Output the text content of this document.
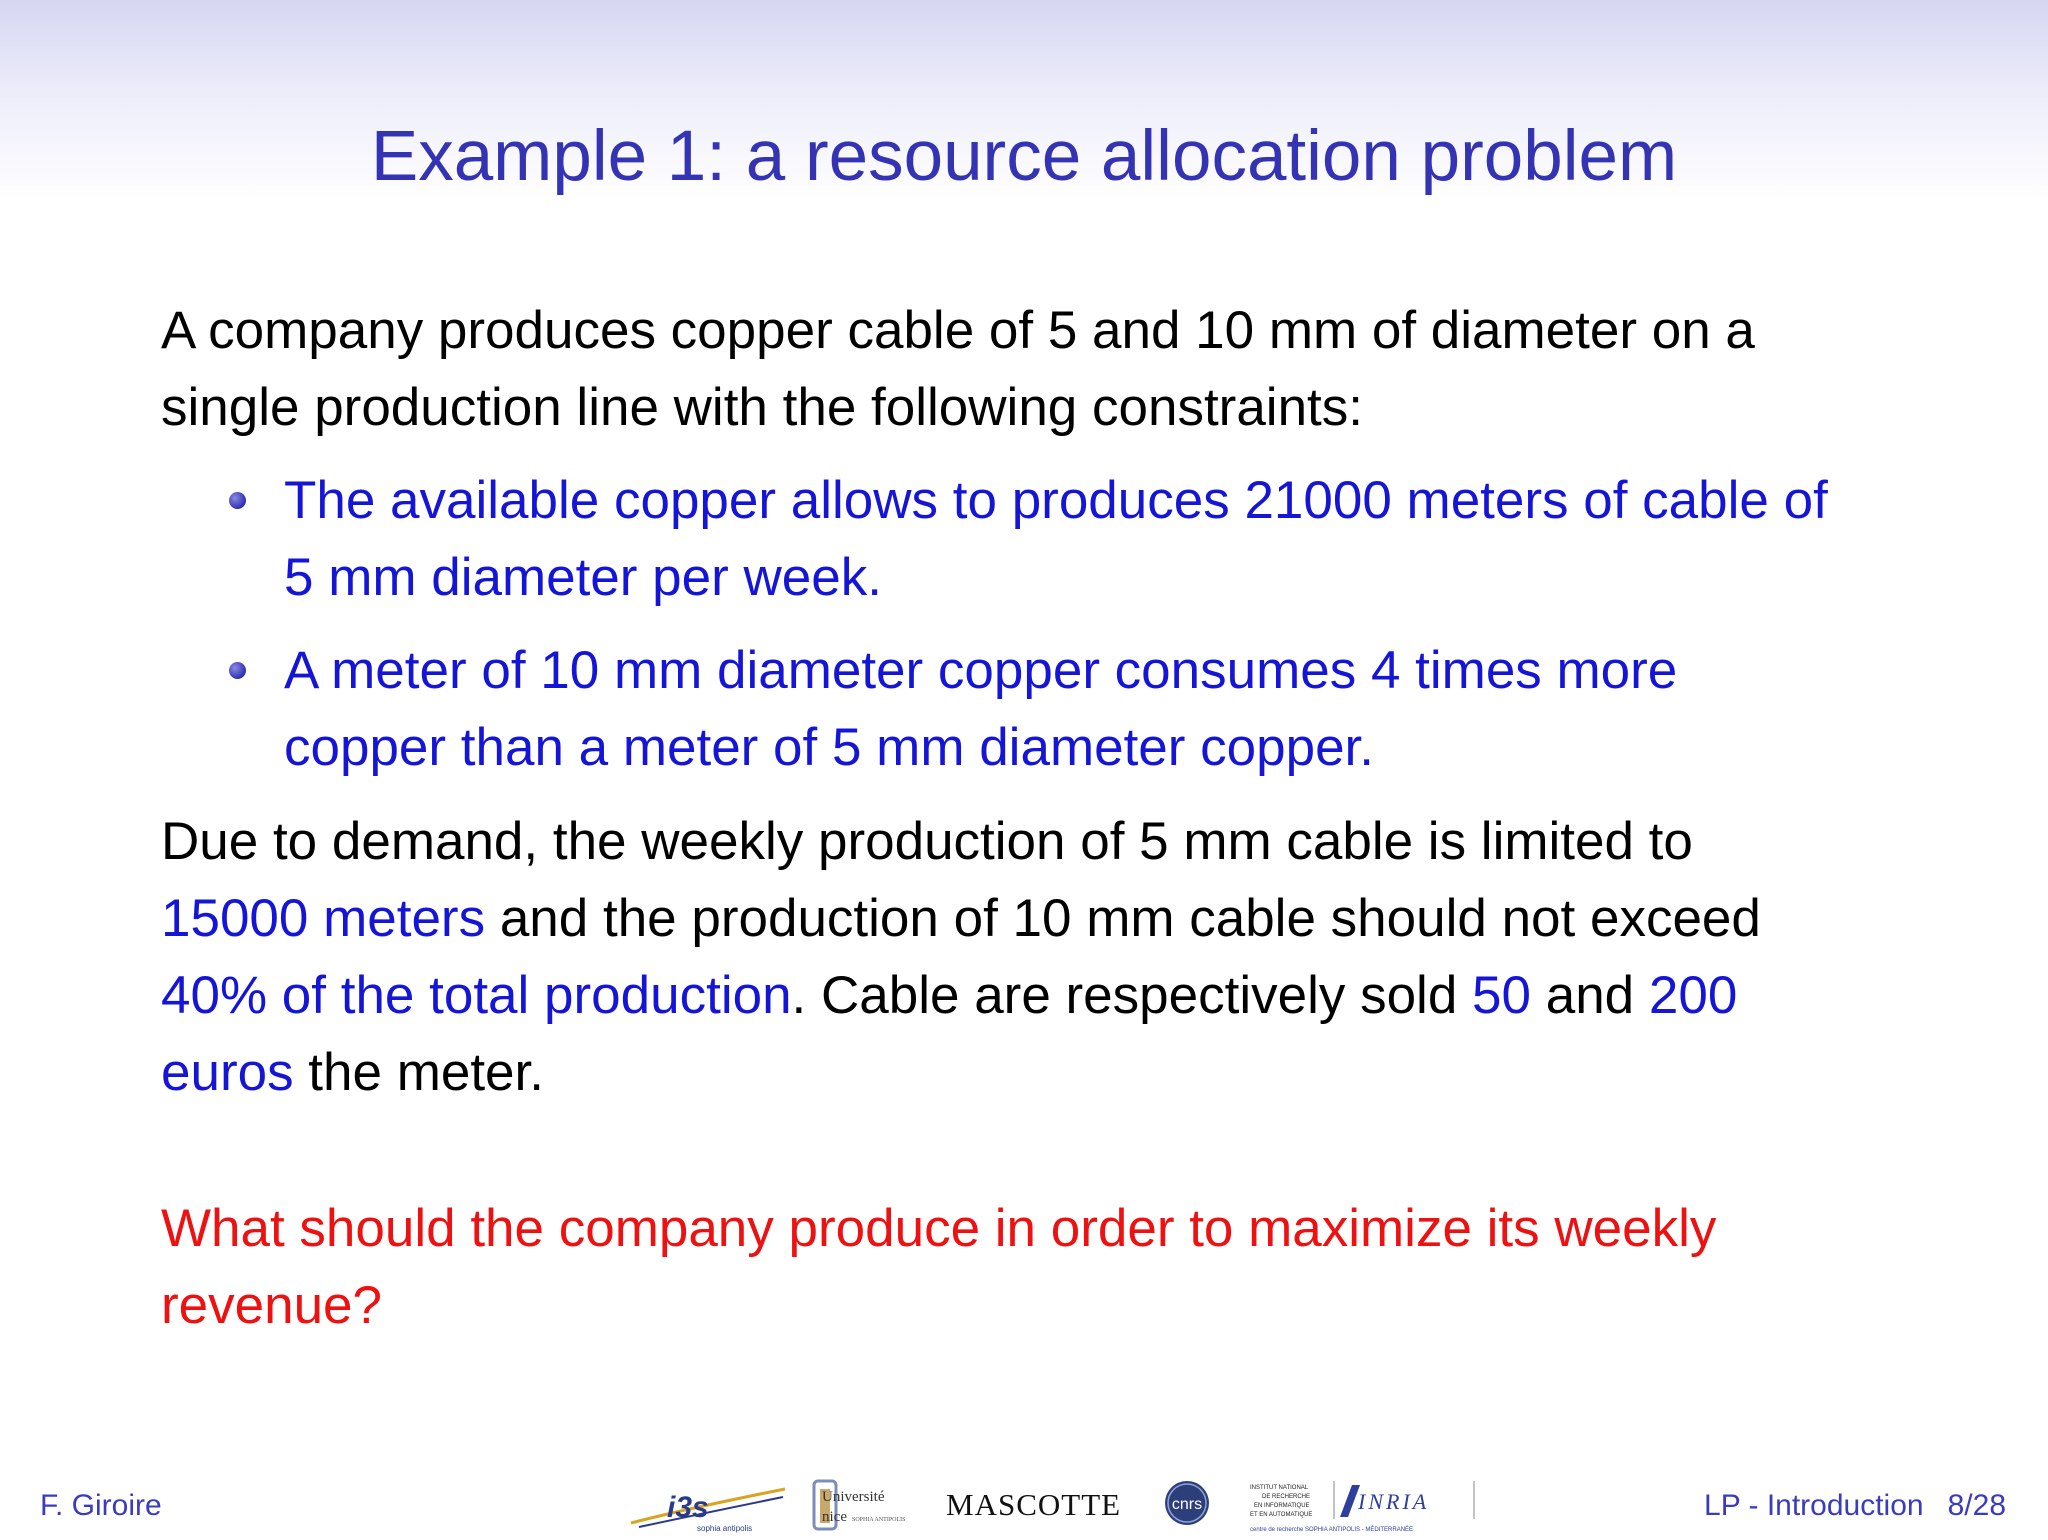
Example 1: a resource allocation problem
A company produces copper cable of 5 and 10 mm of diameter on a
single production line with the following constraints:
The available copper allows to produces 21000 meters of cable of
5 mm diameter per week.
A meter of 10 mm diameter copper consumes 4 times more
copper than a meter of 5 mm diameter copper.
Due to demand, the weekly production of 5 mm cable is limited to
15000 meters and the production of 10 mm cable should not exceed
40% of the total production. Cable are respectively sold 50 and 200
euros the meter.
What should the company produce in order to maximize its weekly
revenue?
F. Giroire	i3s
sophia antipolis
Université
nice SOPHIA ANTIPOLIS MASCOTTE	cnrs
INSTITUT NATIONAL
DE RECHERCHE
EN INFORMATIQUE
ET EN AUTOMATIQUE
INRIA
centre de recherche SOPHIA ANTIPOLIS - MÉDITERRANÉE
LP - Introduction 8/28
